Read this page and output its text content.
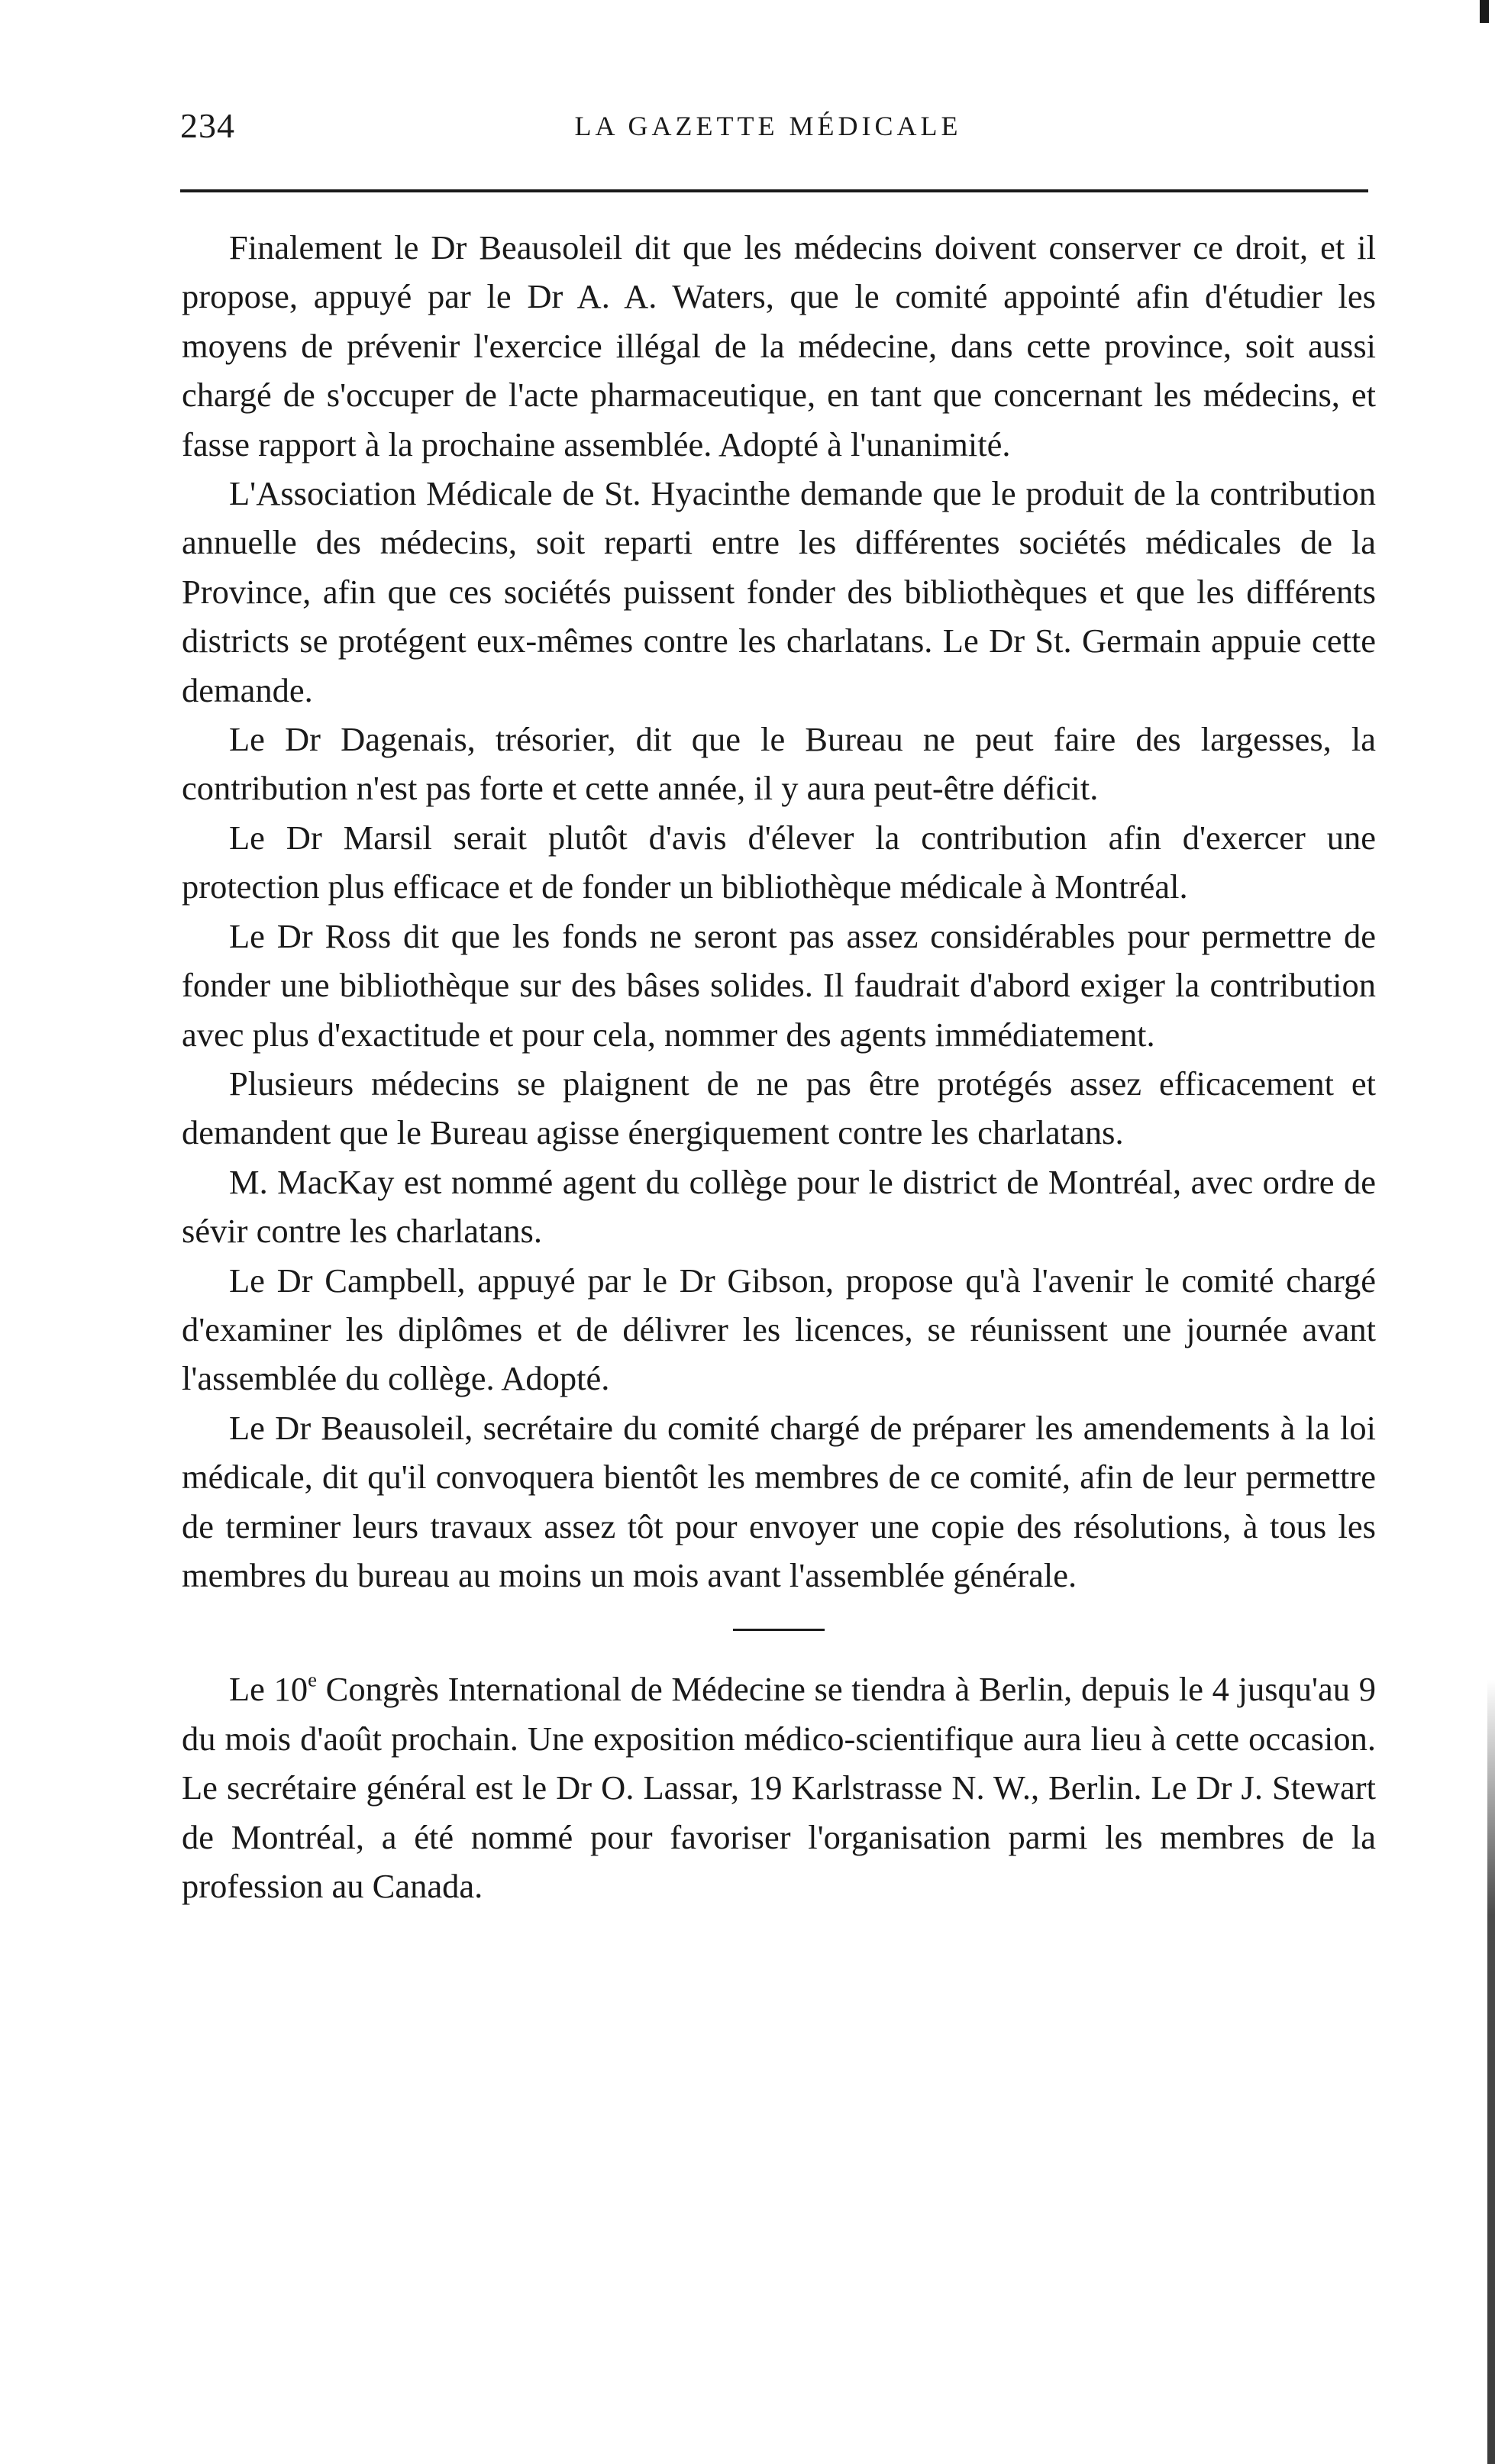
234	LA GAZETTE MÉDICALE

Finalement le Dr Beausoleil dit que les médecins doivent conserver ce droit, et il propose, appuyé par le Dr A. A. Waters, que le comité appointé afin d'étudier les moyens de prévenir l'exercice illégal de la médecine, dans cette province, soit aussi chargé de s'occuper de l'acte pharmaceutique, en tant que concernant les médecins, et fasse rapport à la prochaine assemblée. Adopté à l'unanimité.

L'Association Médicale de St. Hyacinthe demande que le produit de la contribution annuelle des médecins, soit reparti entre les différentes sociétés médicales de la Province, afin que ces sociétés puissent fonder des bibliothèques et que les différents districts se protégent eux-mêmes contre les charlatans. Le Dr St. Germain appuie cette demande.

Le Dr Dagenais, trésorier, dit que le Bureau ne peut faire des largesses, la contribution n'est pas forte et cette année, il y aura peut-être déficit.

Le Dr Marsil serait plutôt d'avis d'élever la contribution afin d'exercer une protection plus efficace et de fonder un bibliothèque médicale à Montréal.

Le Dr Ross dit que les fonds ne seront pas assez considérables pour permettre de fonder une bibliothèque sur des bâses solides. Il faudrait d'abord exiger la contribution avec plus d'exactitude et pour cela, nommer des agents immédiatement.

Plusieurs médecins se plaignent de ne pas être protégés assez efficacement et demandent que le Bureau agisse énergiquement contre les charlatans.

M. MacKay est nommé agent du collège pour le district de Montréal, avec ordre de sévir contre les charlatans.

Le Dr Campbell, appuyé par le Dr Gibson, propose qu'à l'avenir le comité chargé d'examiner les diplômes et de délivrer les licences, se réunissent une journée avant l'assemblée du collège. Adopté.

Le Dr Beausoleil, secrétaire du comité chargé de préparer les amendements à la loi médicale, dit qu'il convoquera bientôt les membres de ce comité, afin de leur permettre de terminer leurs travaux assez tôt pour envoyer une copie des résolutions, à tous les membres du bureau au moins un mois avant l'assemblée générale.

Le 10e Congrès International de Médecine se tiendra à Berlin, depuis le 4 jusqu'au 9 du mois d'août prochain. Une exposition médico-scientifique aura lieu à cette occasion. Le secrétaire général est le Dr O. Lassar, 19 Karlstrasse N. W., Berlin. Le Dr J. Stewart de Montréal, a été nommé pour favoriser l'organisation parmi les membres de la profession au Canada.
